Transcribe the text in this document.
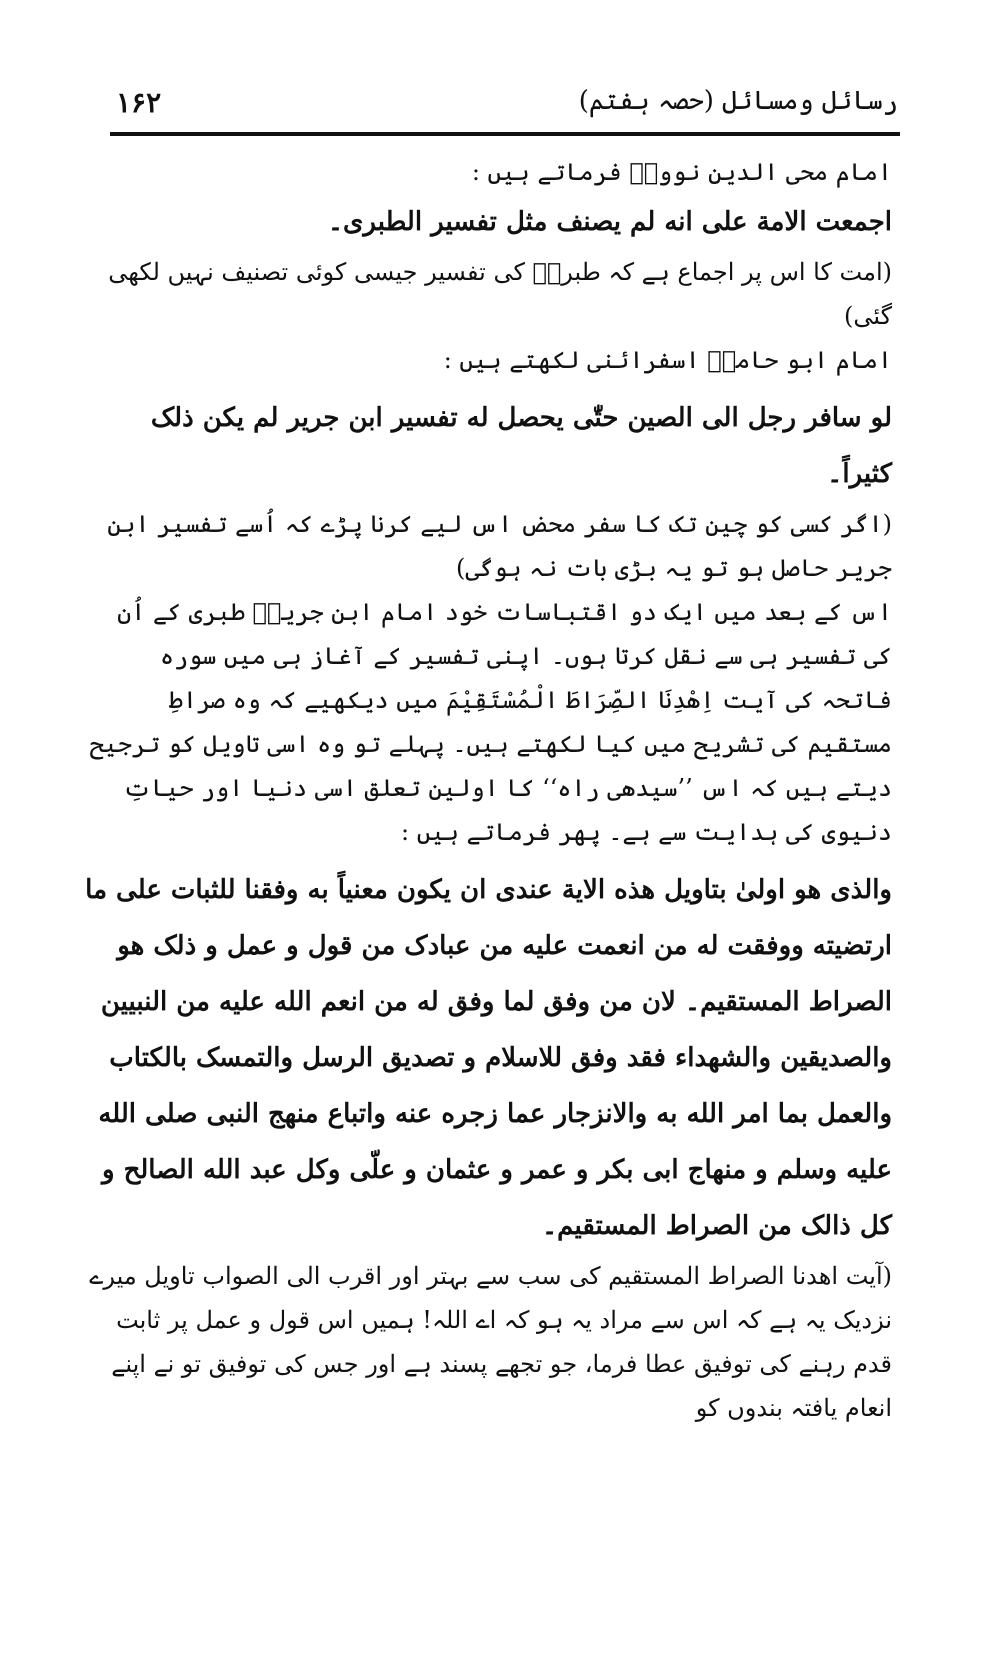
رسائل ومسائل (حصہ ہفتم)
۱۶۲

امام محی الدین نوویؒ فرماتے ہیں :

اجمعت الامة علی انه لم یصنف مثل تفسیر الطبری۔

(امت کا اس پر اجماع ہے کہ طبریؒ کی تفسیر جیسی کوئی تصنیف نہیں لکھی گئی)

امام ابو حامدؒ اسفرائنی لکھتے ہیں :

لو سافر رجل الی الصین حتّٰی یحصل له تفسیر ابن جریر لم یکن ذلک کثیراً۔

(اگر کسی کو چین تک کا سفر محض اس لیے کرنا پڑے کہ اُسے تفسیر ابن جریر حاصل ہو تو یہ بڑی بات نہ ہوگی)

اس کے بعد میں ایک دو اقتباسات خود امام ابن جریرؒ طبری کے اُن کی تفسیر ہی سے نقل کرتا ہوں۔ اپنی تفسیر کے آغاز ہی میں سورہ فاتحہ کی آیت اِهْدِنَا الصِّرَاطَ الْمُسْتَقِيْمَ میں دیکھیے کہ وہ صراطِ مستقیم کی تشریح میں کیا لکھتے ہیں۔ پہلے تو وہ اسی تاویل کو ترجیح دیتے ہیں کہ اس ’’سیدھی راہ‘‘ کا اولین تعلق اسی دنیا اور حیاتِ دنیوی کی ہدایت سے ہے۔ پھر فرماتے ہیں :

والذی هو اولیٰ بتاویل هذه الایة عندی ان یکون معنیاً به وفقنا للثبات علی ما ارتضیته ووفقت له من انعمت علیه من عبادک من قول و عمل و ذلک هو الصراط المستقیم۔ لان من وفق لما وفق له من انعم الله علیه من النبیین والصدیقین والشهداء فقد وفق للاسلام و تصدیق الرسل والتمسک بالکتاب والعمل بما امر الله به والانزجار عما زجره عنه واتباع منهج النبی صلی الله علیه وسلم و منهاج ابی بکر و عمر و عثمان و علّی وکل عبد الله الصالح و کل ذالک من الصراط المستقیم۔

(آیت اهدنا الصراط المستقیم کی سب سے بہتر اور اقرب الی الصواب تاویل میرے نزدیک یہ ہے کہ اس سے مراد یہ ہو کہ اے اللہ! ہمیں اس قول و عمل پر ثابت قدم رہنے کی توفیق عطا فرما، جو تجھے پسند ہے اور جس کی توفیق تو نے اپنے انعام یافتہ بندوں کو
